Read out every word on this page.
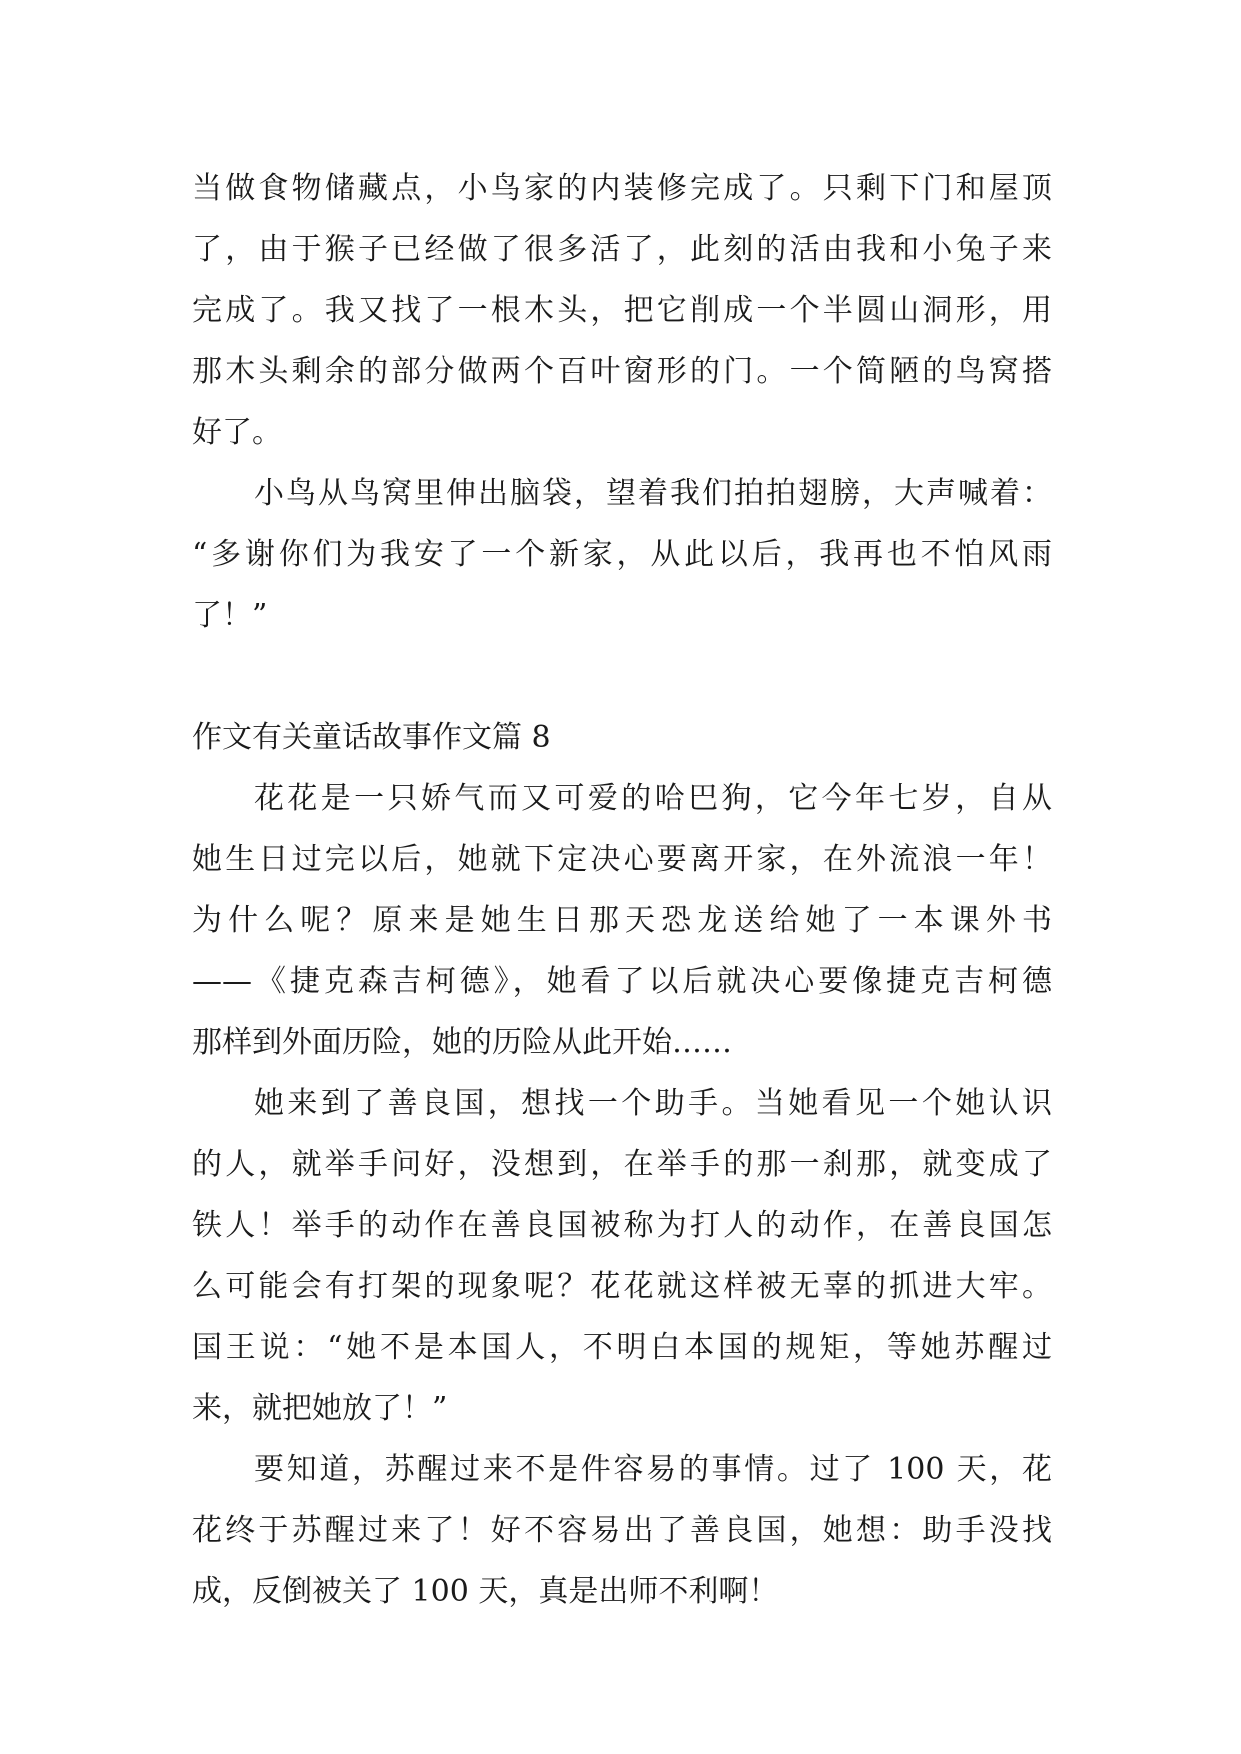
当做食物储藏点，小鸟家的内装修完成了。只剩下门和屋顶
了，由于猴子已经做了很多活了，此刻的活由我和小兔子来
完成了。我又找了一根木头，把它削成一个半圆山洞形，用
那木头剩余的部分做两个百叶窗形的门。一个简陋的鸟窝搭
好了。
小鸟从鸟窝里伸出脑袋，望着我们拍拍翅膀，大声喊着：
“多谢你们为我安了一个新家，从此以后，我再也不怕风雨
了！”
作文有关童话故事作文篇 8
花花是一只娇气而又可爱的哈巴狗，它今年七岁，自从
她生日过完以后，她就下定决心要离开家，在外流浪一年！
为什么呢？原来是她生日那天恐龙送给她了一本课外书
——《捷克森吉柯德》，她看了以后就决心要像捷克吉柯德
那样到外面历险，她的历险从此开始……
她来到了善良国，想找一个助手。当她看见一个她认识
的人，就举手问好，没想到，在举手的那一刹那，就变成了
铁人！举手的动作在善良国被称为打人的动作，在善良国怎
么可能会有打架的现象呢？花花就这样被无辜的抓进大牢。
国王说：“她不是本国人，不明白本国的规矩，等她苏醒过
来，就把她放了！”
要知道，苏醒过来不是件容易的事情。过了 100 天，花
花终于苏醒过来了！好不容易出了善良国，她想：助手没找
成，反倒被关了 100 天，真是出师不利啊！
